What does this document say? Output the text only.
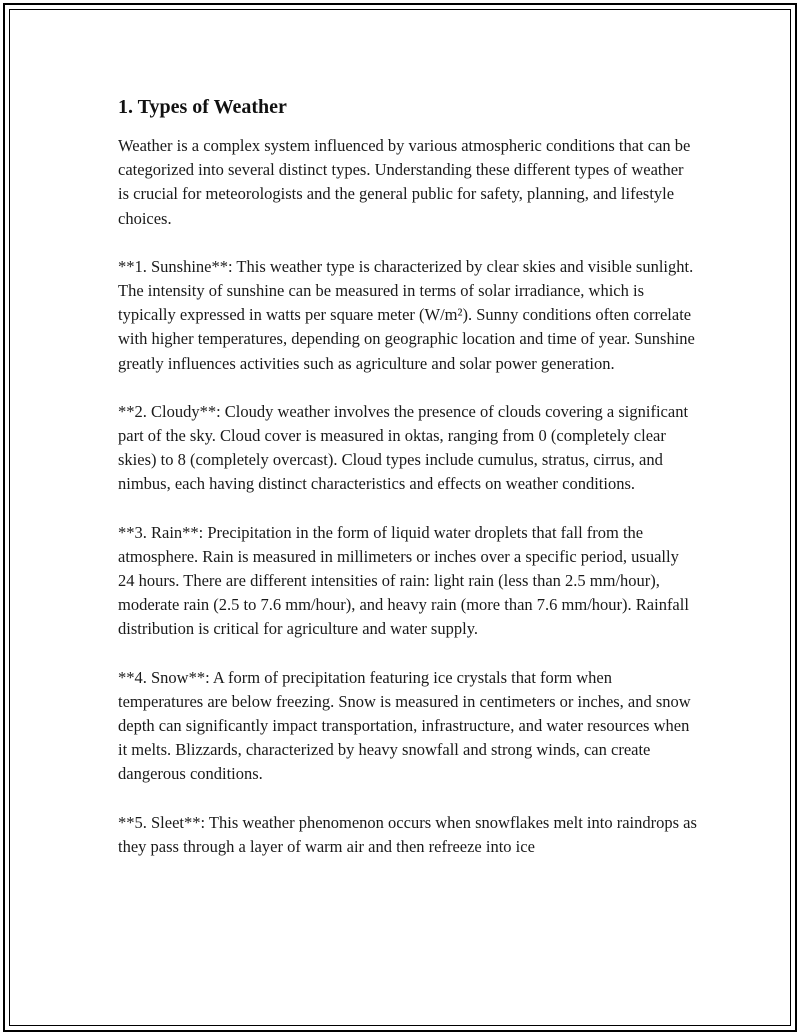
1. Types of Weather

Weather is a complex system influenced by various atmospheric conditions that can be categorized into several distinct types. Understanding these different types of weather is crucial for meteorologists and the general public for safety, planning, and lifestyle choices.

**1. Sunshine**: This weather type is characterized by clear skies and visible sunlight. The intensity of sunshine can be measured in terms of solar irradiance, which is typically expressed in watts per square meter (W/m²). Sunny conditions often correlate with higher temperatures, depending on geographic location and time of year. Sunshine greatly influences activities such as agriculture and solar power generation.

**2. Cloudy**: Cloudy weather involves the presence of clouds covering a significant part of the sky. Cloud cover is measured in oktas, ranging from 0 (completely clear skies) to 8 (completely overcast). Cloud types include cumulus, stratus, cirrus, and nimbus, each having distinct characteristics and effects on weather conditions.

**3. Rain**: Precipitation in the form of liquid water droplets that fall from the atmosphere. Rain is measured in millimeters or inches over a specific period, usually 24 hours. There are different intensities of rain: light rain (less than 2.5 mm/hour), moderate rain (2.5 to 7.6 mm/hour), and heavy rain (more than 7.6 mm/hour). Rainfall distribution is critical for agriculture and water supply.

**4. Snow**: A form of precipitation featuring ice crystals that form when temperatures are below freezing. Snow is measured in centimeters or inches, and snow depth can significantly impact transportation, infrastructure, and water resources when it melts. Blizzards, characterized by heavy snowfall and strong winds, can create dangerous conditions.

**5. Sleet**: This weather phenomenon occurs when snowflakes melt into raindrops as they pass through a layer of warm air and then refreeze into ice
